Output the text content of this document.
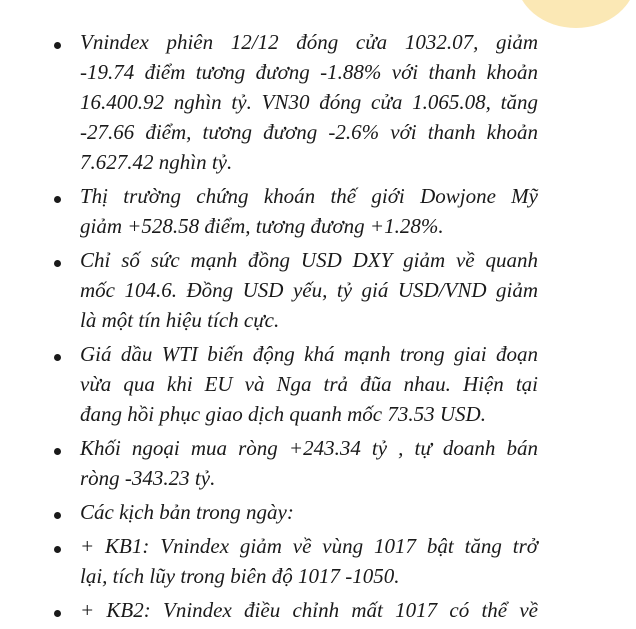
Vnindex phiên 12/12 đóng cửa 1032.07, giảm
-19.74 điểm tương đương -1.88% với thanh khoản
16.400.92 nghìn tỷ. VN30 đóng cửa 1.065.08, tăng
-27.66 điểm, tương đương -2.6% với thanh khoản
7.627.42 nghìn tỷ.
Thị trường chứng khoán thế giới Dowjone Mỹ
giảm +528.58 điểm, tương đương +1.28%.
Chỉ số sức mạnh đồng USD DXY giảm về quanh
mốc 104.6. Đồng USD yếu, tỷ giá USD/VND giảm
là một tín hiệu tích cực.
Giá dầu WTI biến động khá mạnh trong giai đoạn
vừa qua khi EU và Nga trả đũa nhau. Hiện tại
đang hồi phục giao dịch quanh mốc 73.53 USD.
Khối ngoại mua ròng +243.34 tỷ , tự doanh bán
ròng -343.23 tỷ.
Các kịch bản trong ngày:
+ KB1: Vnindex giảm về vùng 1017 bật tăng trở
lại, tích lũy trong biên độ 1017 -1050.
+ KB2: Vnindex điều chỉnh mất 1017 có thể về
